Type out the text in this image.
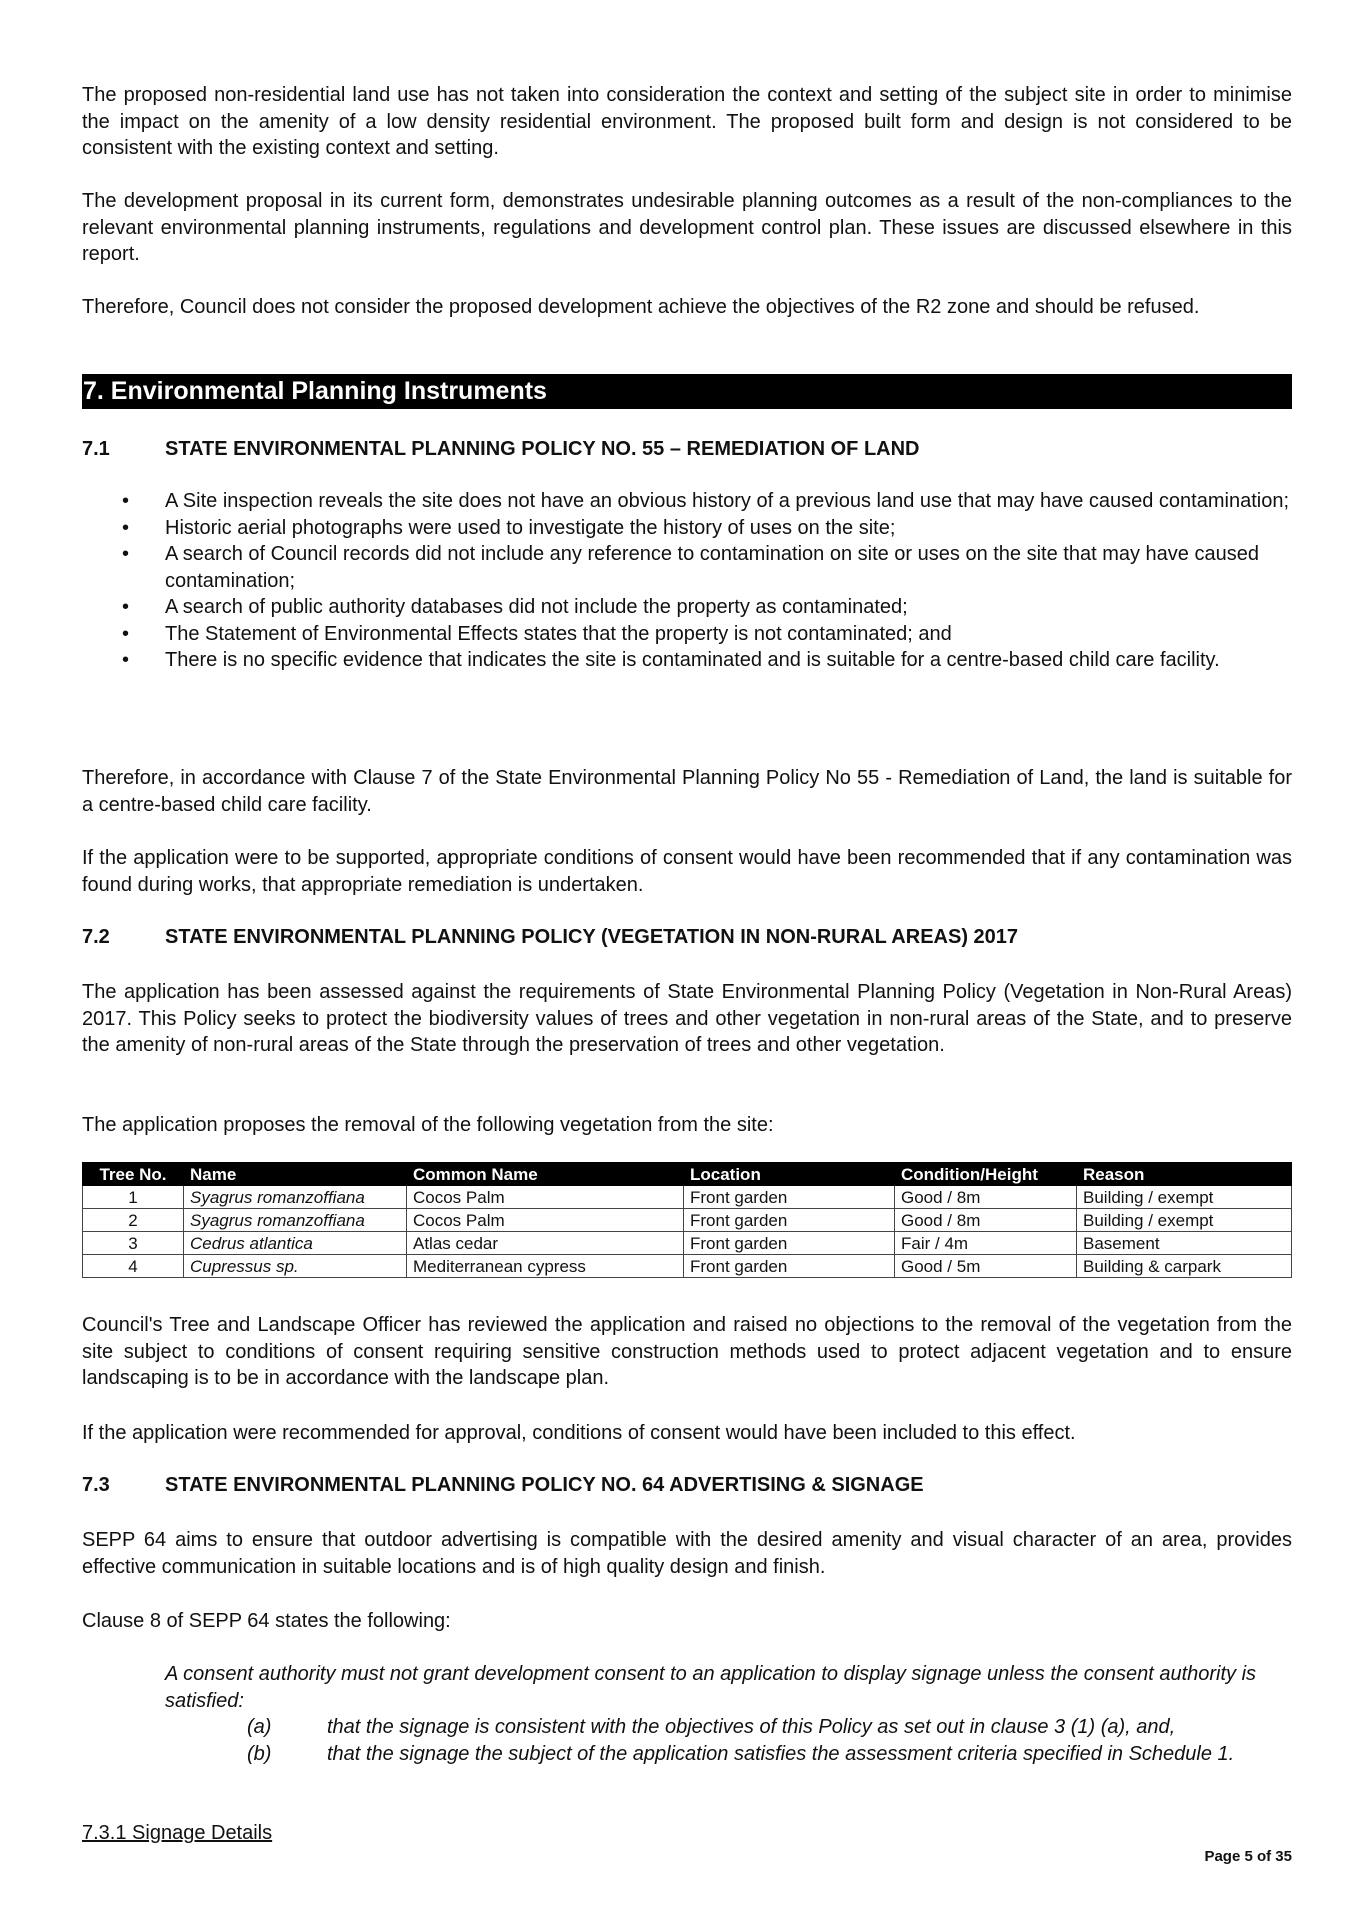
The proposed non-residential land use has not taken into consideration the context and setting of the subject site in order to minimise the impact on the amenity of a low density residential environment. The proposed built form and design is not considered to be consistent with the existing context and setting.

The development proposal in its current form, demonstrates undesirable planning outcomes as a result of the non-compliances to the relevant environmental planning instruments, regulations and development control plan. These issues are discussed elsewhere in this report.

Therefore, Council does not consider the proposed development achieve the objectives of the R2 zone and should be refused.

7. Environmental Planning Instruments
7.1	STATE ENVIRONMENTAL PLANNING POLICY NO. 55 – REMEDIATION OF LAND
• A Site inspection reveals the site does not have an obvious history of a previous land use that may have caused contamination;
• Historic aerial photographs were used to investigate the history of uses on the site;
• A search of Council records did not include any reference to contamination on site or uses on the site that may have caused contamination;
• A search of public authority databases did not include the property as contaminated;
• The Statement of Environmental Effects states that the property is not contaminated; and
• There is no specific evidence that indicates the site is contaminated and is suitable for a centre-based child care facility.

Therefore, in accordance with Clause 7 of the State Environmental Planning Policy No 55 - Remediation of Land, the land is suitable for a centre-based child care facility.

If the application were to be supported, appropriate conditions of consent would have been recommended that if any contamination was found during works, that appropriate remediation is undertaken.

7.2	STATE ENVIRONMENTAL PLANNING POLICY (VEGETATION IN NON-RURAL AREAS) 2017

The application has been assessed against the requirements of State Environmental Planning Policy (Vegetation in Non-Rural Areas) 2017. This Policy seeks to protect the biodiversity values of trees and other vegetation in non-rural areas of the State, and to preserve the amenity of non-rural areas of the State through the preservation of trees and other vegetation.

The application proposes the removal of the following vegetation from the site:

Tree No.	Name	Common Name	Location	Condition/Height	Reason
1	Syagrus romanzoffiana	Cocos Palm	Front garden	Good / 8m	Building / exempt
2	Syagrus romanzoffiana	Cocos Palm	Front garden	Good / 8m	Building / exempt
3	Cedrus atlantica	Atlas cedar	Front garden	Fair / 4m	Basement
4	Cupressus sp.	Mediterranean cypress	Front garden	Good / 5m	Building & carpark

Council's Tree and Landscape Officer has reviewed the application and raised no objections to the removal of the vegetation from the site subject to conditions of consent requiring sensitive construction methods used to protect adjacent vegetation and to ensure landscaping is to be in accordance with the landscape plan.

If the application were recommended for approval, conditions of consent would have been included to this effect.

7.3	STATE ENVIRONMENTAL PLANNING POLICY NO. 64 ADVERTISING & SIGNAGE

SEPP 64 aims to ensure that outdoor advertising is compatible with the desired amenity and visual character of an area, provides effective communication in suitable locations and is of high quality design and finish.

Clause 8 of SEPP 64 states the following:

A consent authority must not grant development consent to an application to display signage unless the consent authority is satisfied:
(a)	that the signage is consistent with the objectives of this Policy as set out in clause 3 (1) (a), and,
(b)	that the signage the subject of the application satisfies the assessment criteria specified in Schedule 1.
7.3.1 Signage Details
Page 5 of 35
